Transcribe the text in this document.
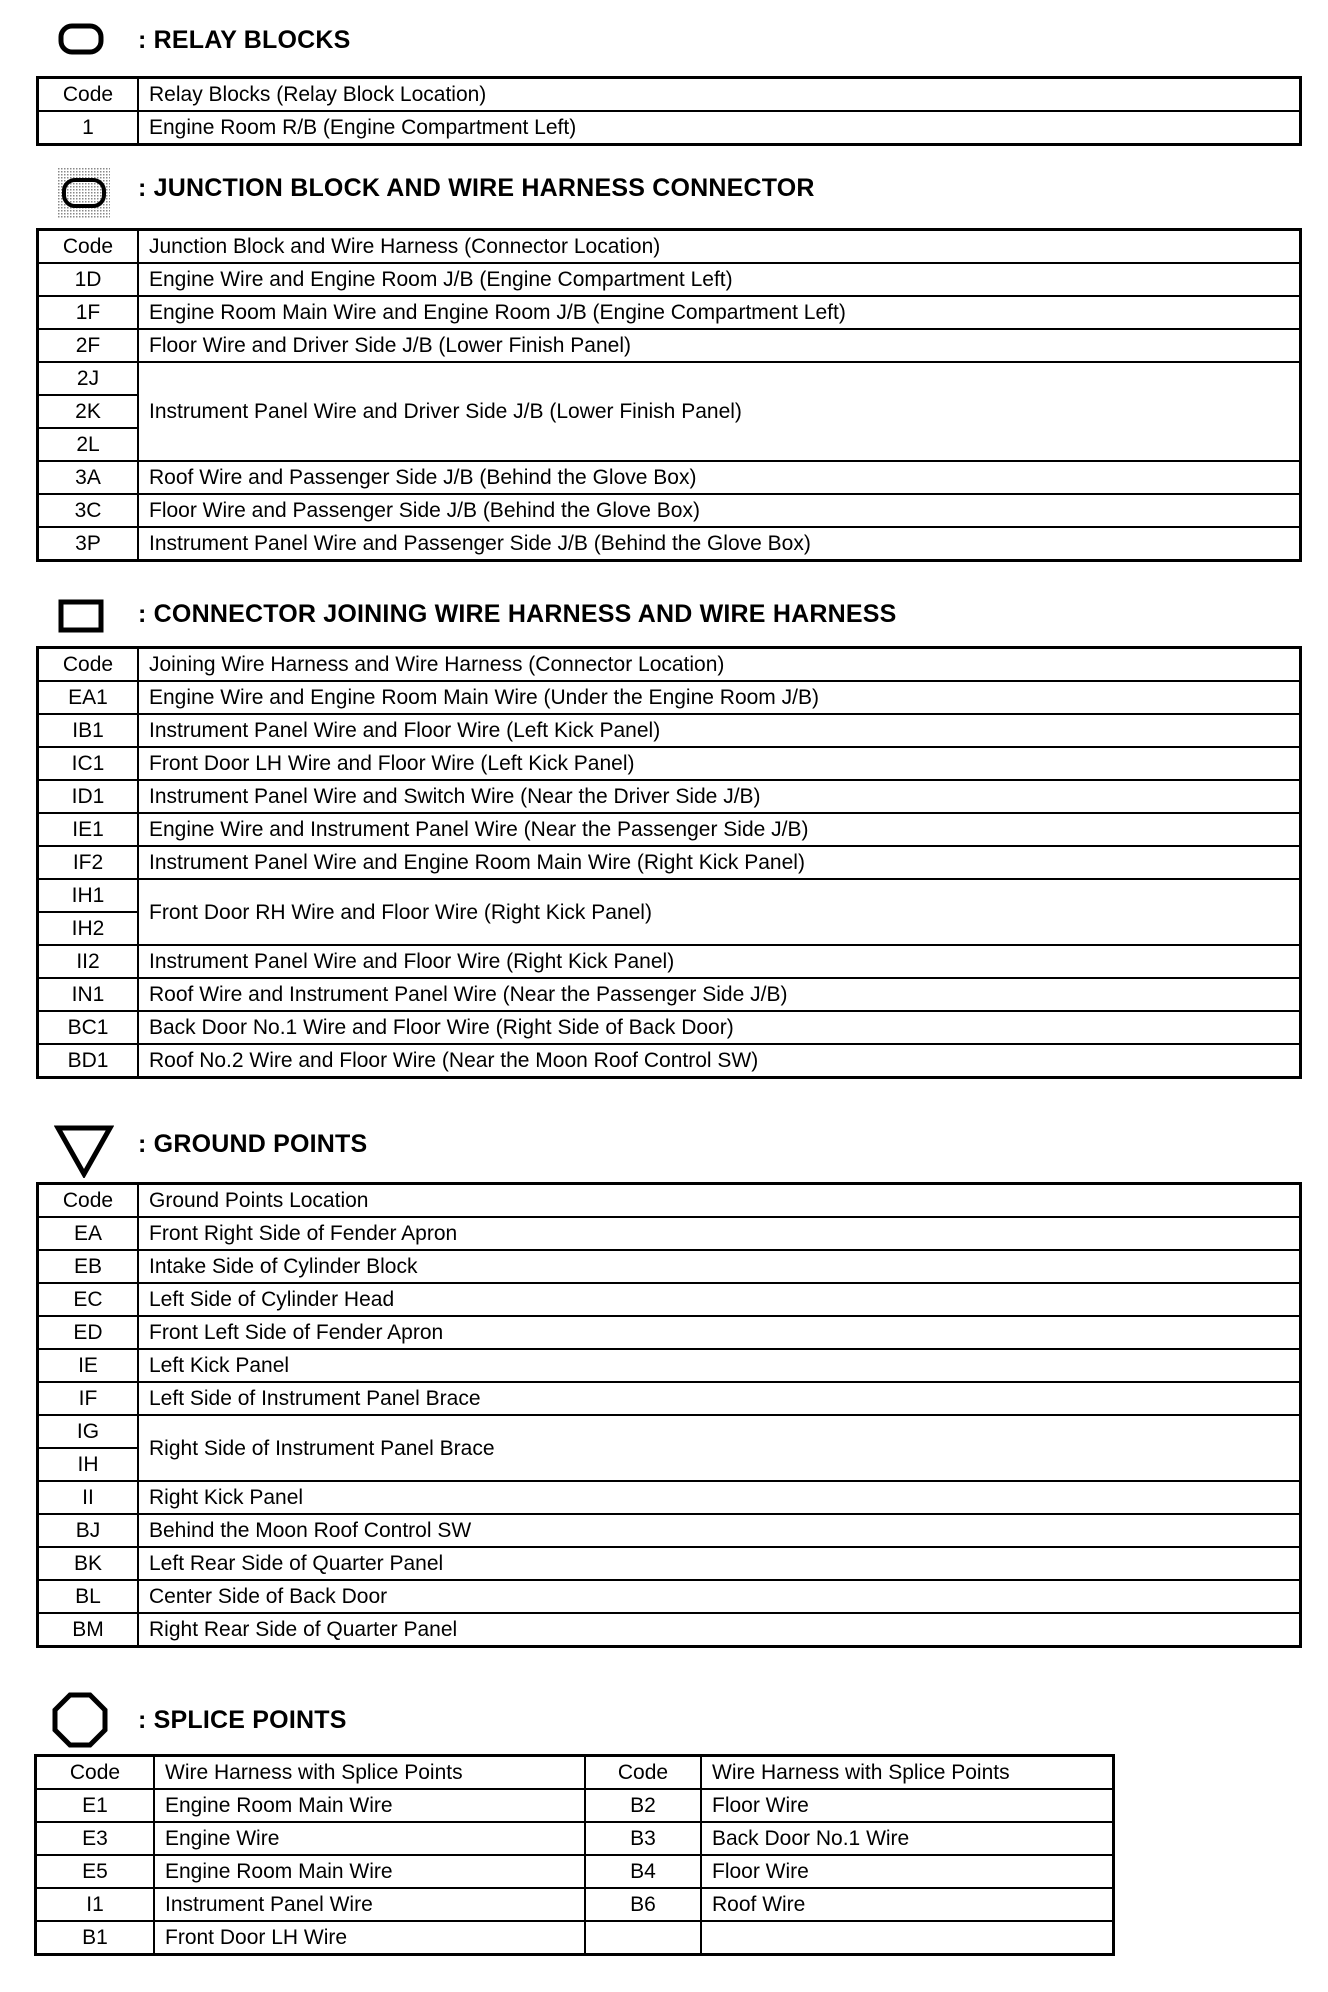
: RELAY BLOCKS
Code	Relay Blocks (Relay Block Location)
1	Engine Room R/B (Engine Compartment Left)
: JUNCTION BLOCK AND WIRE HARNESS CONNECTOR
Code	Junction Block and Wire Harness (Connector Location)
1D	Engine Wire and Engine Room J/B (Engine Compartment Left)
1F	Engine Room Main Wire and Engine Room J/B (Engine Compartment Left)
2F	Floor Wire and Driver Side J/B (Lower Finish Panel)
2J	Instrument Panel Wire and Driver Side J/B (Lower Finish Panel)
2K	
2L	
3A	Roof Wire and Passenger Side J/B (Behind the Glove Box)
3C	Floor Wire and Passenger Side J/B (Behind the Glove Box)
3P	Instrument Panel Wire and Passenger Side J/B (Behind the Glove Box)
: CONNECTOR JOINING WIRE HARNESS AND WIRE HARNESS
Code	Joining Wire Harness and Wire Harness (Connector Location)
EA1	Engine Wire and Engine Room Main Wire (Under the Engine Room J/B)
IB1	Instrument Panel Wire and Floor Wire (Left Kick Panel)
IC1	Front Door LH Wire and Floor Wire (Left Kick Panel)
ID1	Instrument Panel Wire and Switch Wire (Near the Driver Side J/B)
IE1	Engine Wire and Instrument Panel Wire (Near the Passenger Side J/B)
IF2	Instrument Panel Wire and Engine Room Main Wire (Right Kick Panel)
IH1	Front Door RH Wire and Floor Wire (Right Kick Panel)
IH2	
II2	Instrument Panel Wire and Floor Wire (Right Kick Panel)
IN1	Roof Wire and Instrument Panel Wire (Near the Passenger Side J/B)
BC1	Back Door No.1 Wire and Floor Wire (Right Side of Back Door)
BD1	Roof No.2 Wire and Floor Wire (Near the Moon Roof Control SW)
: GROUND POINTS
Code	Ground Points Location
EA	Front Right Side of Fender Apron
EB	Intake Side of Cylinder Block
EC	Left Side of Cylinder Head
ED	Front Left Side of Fender Apron
IE	Left Kick Panel
IF	Left Side of Instrument Panel Brace
IG	Right Side of Instrument Panel Brace
IH	
II	Right Kick Panel
BJ	Behind the Moon Roof Control SW
BK	Left Rear Side of Quarter Panel
BL	Center Side of Back Door
BM	Right Rear Side of Quarter Panel
: SPLICE POINTS
Code	Wire Harness with Splice Points	Code	Wire Harness with Splice Points
E1	Engine Room Main Wire	B2	Floor Wire
E3	Engine Wire	B3	Back Door No.1 Wire
E5	Engine Room Main Wire	B4	Floor Wire
I1	Instrument Panel Wire	B6	Roof Wire
B1	Front Door LH Wire		
